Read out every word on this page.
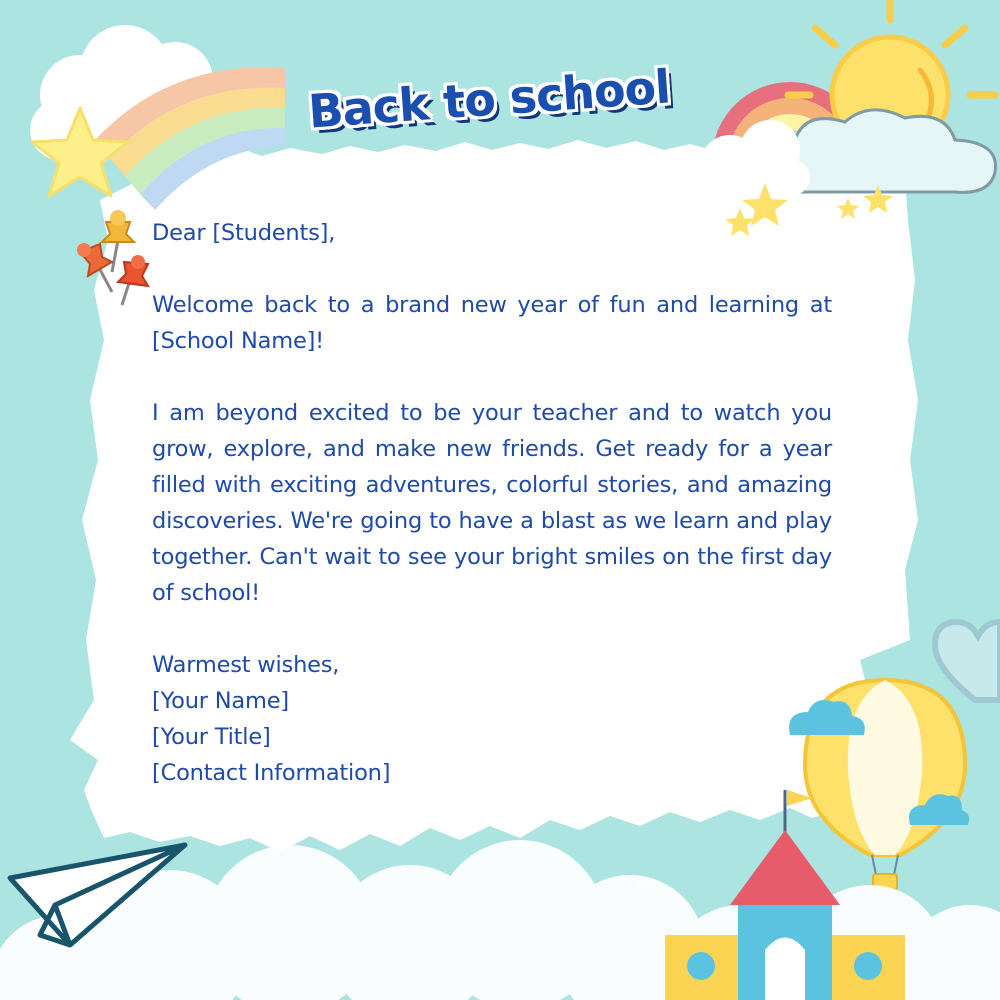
Back to school

Dear [Students],

Welcome back to a brand new year of fun and learning at [School Name]!

I am beyond excited to be your teacher and to watch you grow, explore, and make new friends. Get ready for a year filled with exciting adventures, colorful stories, and amazing discoveries. We're going to have a blast as we learn and play together. Can't wait to see your bright smiles on the first day of school!

Warmest wishes,

[Your Name]

[Your Title]

[Contact Information]
